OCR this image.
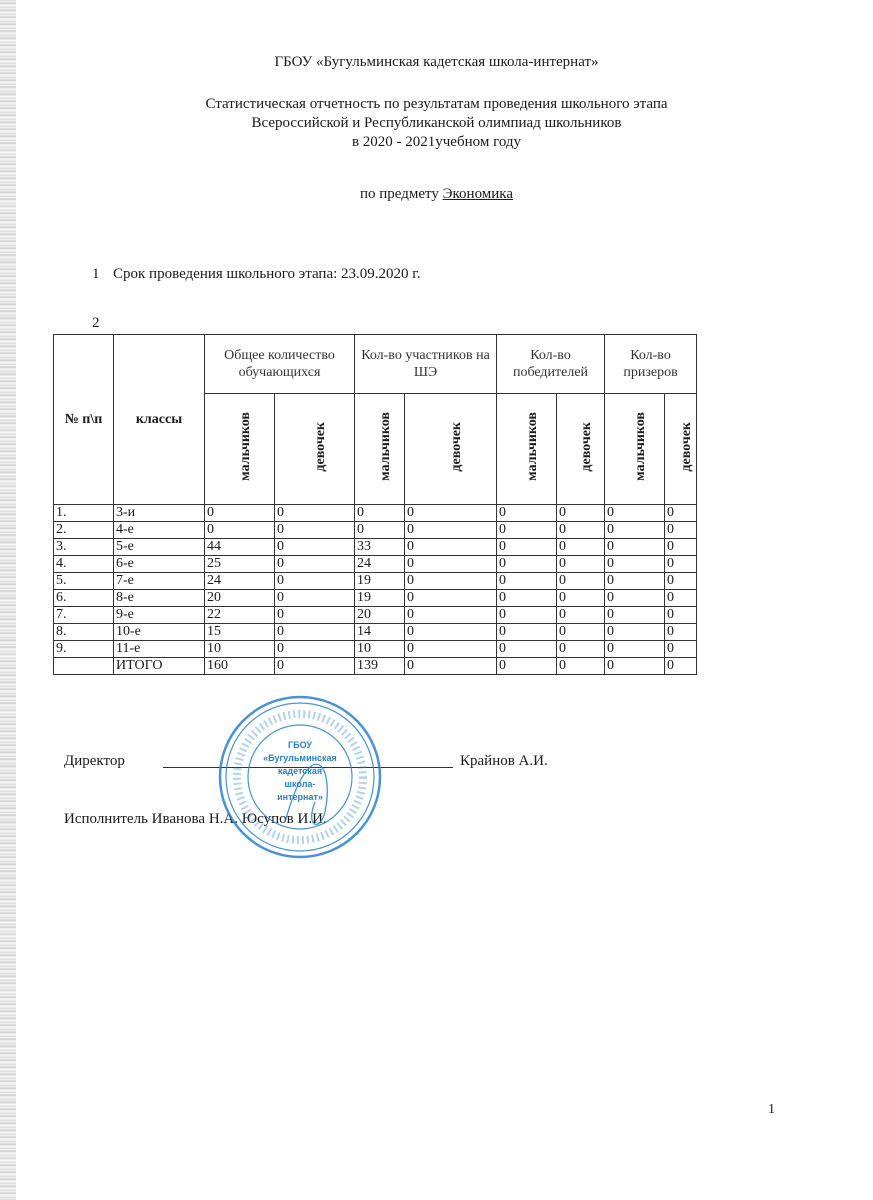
ГБОУ «Бугульминская кадетская школа-интернат»
Статистическая отчетность по результатам проведения школьного этапа
Всероссийской и Республиканской олимпиад школьников
в 2020 - 2021учебном году
по предмету Экономика
1 Срок проведения школьного этапа: 23.09.2020 г.
2
№ п\п	классы	Общее количество обучающихся		Кол-во участников на ШЭ		Кол-во победителей		Кол-во призеров	
		мальчиков	девочек	мальчиков	девочек	мальчиков	девочек	мальчиков	девочек
1.	3-и	0	0	0	0	0	0	0	0
2.	4-е	0	0	0	0	0	0	0	0
3.	5-е	44	0	33	0	0	0	0	0
4.	6-е	25	0	24	0	0	0	0	0
5.	7-е	24	0	19	0	0	0	0	0
6.	8-е	20	0	19	0	0	0	0	0
7.	9-е	22	0	20	0	0	0	0	0
8.	10-е	15	0	14	0	0	0	0	0
9.	11-е	10	0	10	0	0	0	0	0
	ИТОГО	160	0	139	0	0	0	0	0
Директор	Крайнов А.И.
Исполнитель Иванова Н.А. Юсупов И.И.
ГБОУ
«Бугульминская
кадетская
школа-
интернат»
1
